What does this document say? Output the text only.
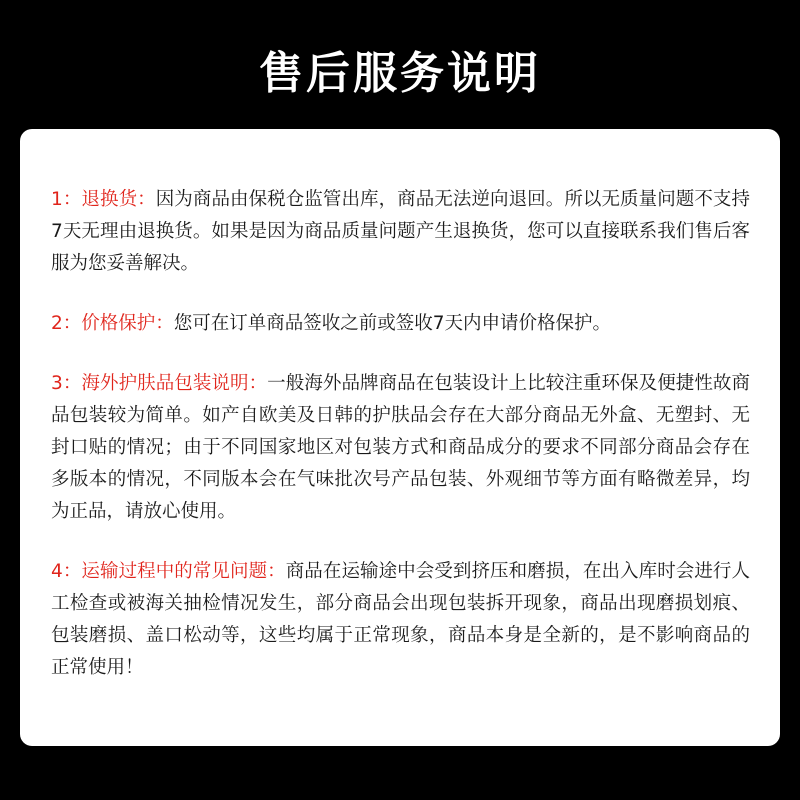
售后服务说明

1：退换货：因为商品由保税仓监管出库，商品无法逆向退回。所以无质量问题不支持7天无理由退换货。如果是因为商品质量问题产生退换货，您可以直接联系我们售后客服为您妥善解决。

2：价格保护：您可在订单商品签收之前或签收7天内申请价格保护。

3：海外护肤品包装说明：一般海外品牌商品在包装设计上比较注重环保及便捷性故商品包装较为简单。如产自欧美及日韩的护肤品会存在大部分商品无外盒、无塑封、无封口贴的情况；由于不同国家地区对包装方式和商品成分的要求不同部分商品会存在多版本的情况，不同版本会在气味批次号产品包装、外观细节等方面有略微差异，均为正品，请放心使用。

4：运输过程中的常见问题：商品在运输途中会受到挤压和磨损，在出入库时会进行人工检查或被海关抽检情况发生，部分商品会出现包装拆开现象，商品出现磨损划痕、包装磨损、盖口松动等，这些均属于正常现象，商品本身是全新的，是不影响商品的正常使用！
